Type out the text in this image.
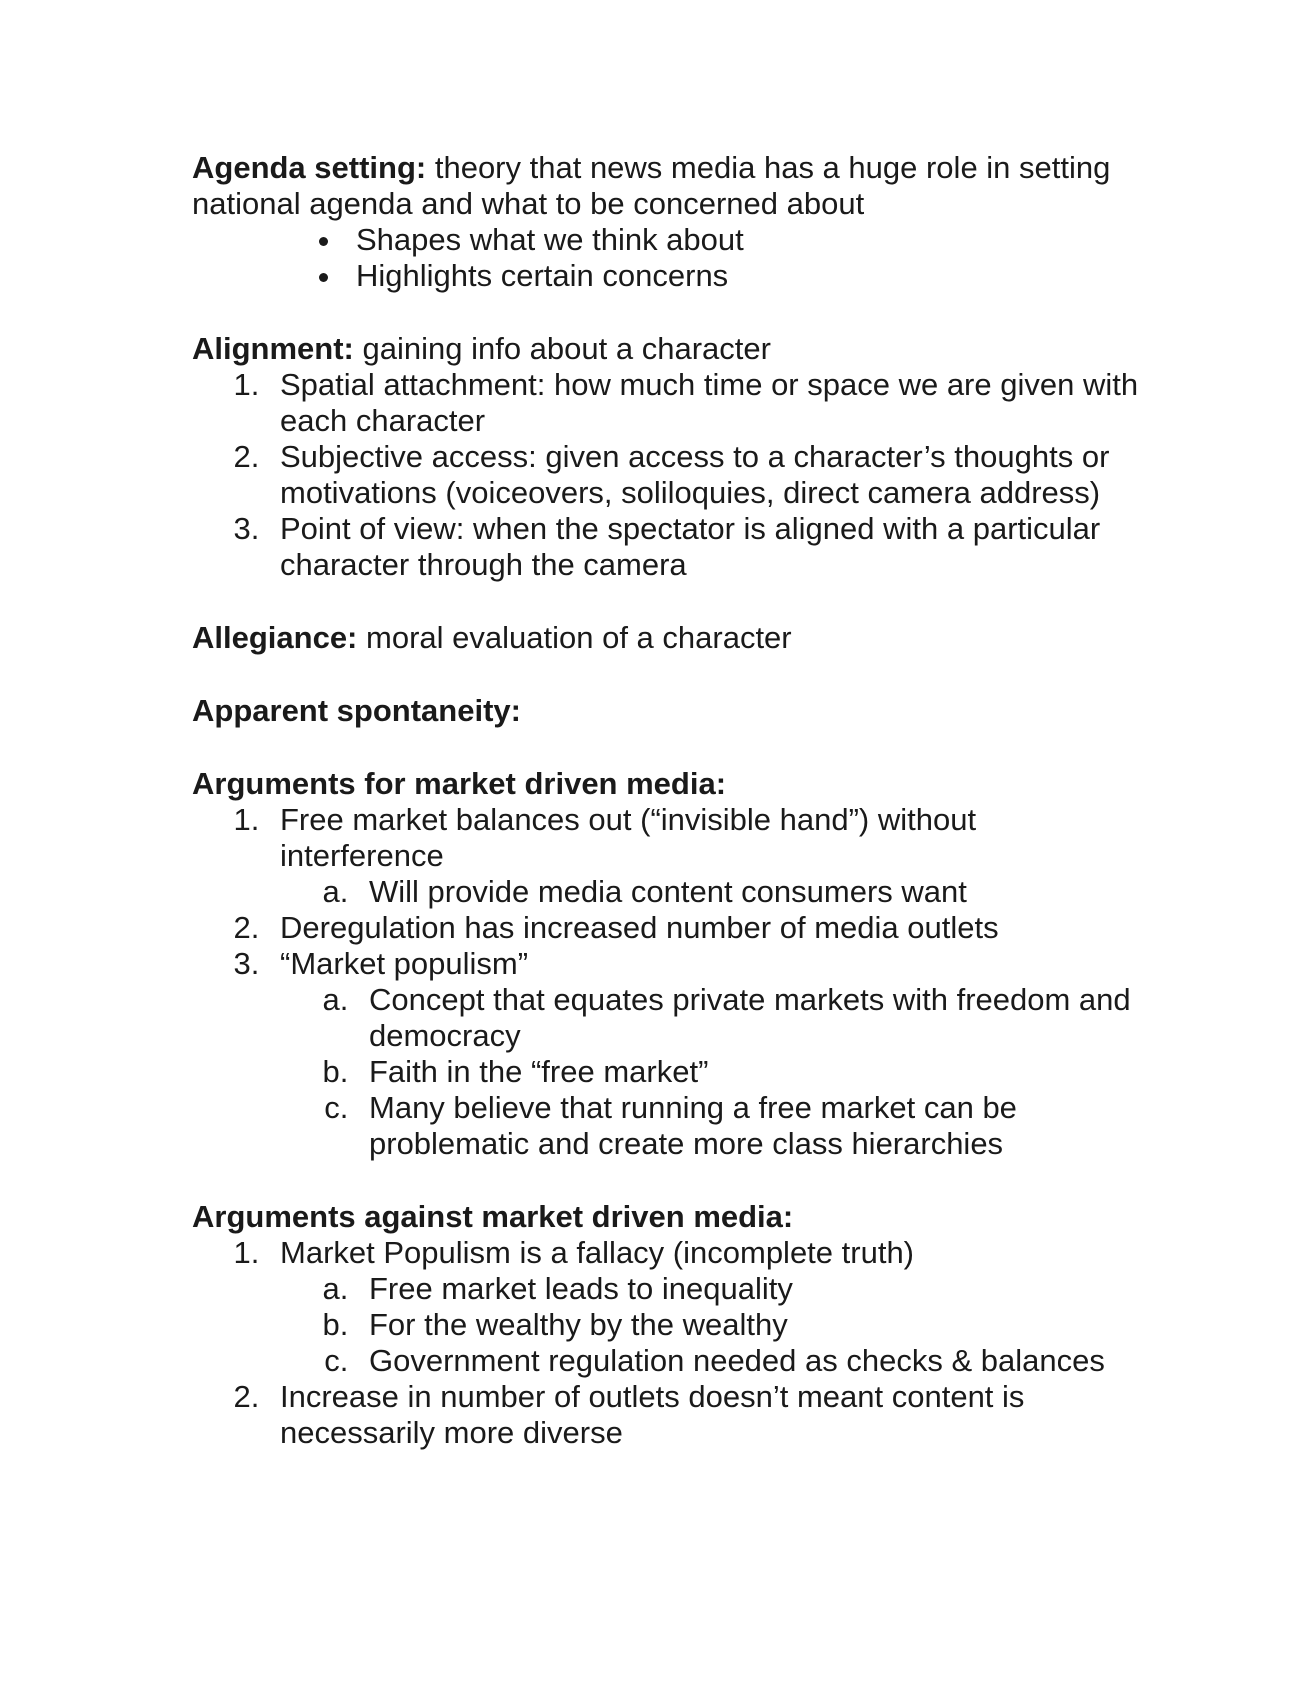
Agenda setting: theory that news media has a huge role in setting national agenda and what to be concerned about
• Shapes what we think about
• Highlights certain concerns
Alignment: gaining info about a character
1. Spatial attachment: how much time or space we are given with each character
2. Subjective access: given access to a character’s thoughts or motivations (voiceovers, soliloquies, direct camera address)
3. Point of view: when the spectator is aligned with a particular character through the camera
Allegiance: moral evaluation of a character
Apparent spontaneity:
Arguments for market driven media:
1. Free market balances out (“invisible hand”) without interference
a. Will provide media content consumers want
2. Deregulation has increased number of media outlets
3. “Market populism”
a. Concept that equates private markets with freedom and democracy
b. Faith in the “free market”
c. Many believe that running a free market can be problematic and create more class hierarchies
Arguments against market driven media:
1. Market Populism is a fallacy (incomplete truth)
a. Free market leads to inequality
b. For the wealthy by the wealthy
c. Government regulation needed as checks & balances
2. Increase in number of outlets doesn’t meant content is necessarily more diverse
